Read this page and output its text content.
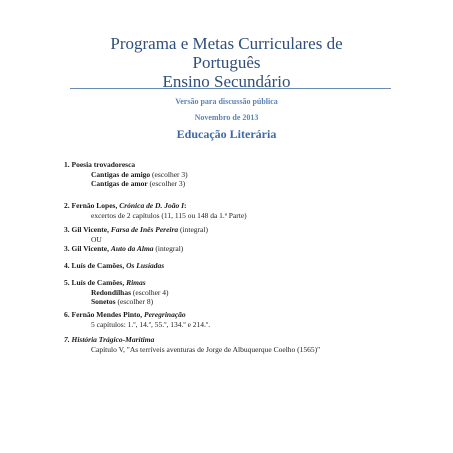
Programa e Metas Curriculares de
Português
Ensino Secundário
Versão para discussão pública
Novembro de 2013
Educação Literária
1. Poesia trovadoresca
Cantigas de amigo (escolher 3)
Cantigas de amor (escolher 3)
2. Fernão Lopes, Crónica de D. João I:
excertos de 2 capítulos (11, 115 ou 148 da 1.ª Parte)
3. Gil Vicente, Farsa de Inês Pereira (integral)
OU
3. Gil Vicente, Auto da Alma (integral)
4. Luís de Camões, Os Lusíadas
5. Luís de Camões, Rimas
Redondilhas (escolher 4)
Sonetos (escolher 8)
6. Fernão Mendes Pinto, Peregrinação
5 capítulos: 1.º, 14.º, 55.º, 134.º e 214.º.
7. História Trágico-Marítima
Capítulo V, "As terríveis aventuras de Jorge de Albuquerque Coelho (1565)"
